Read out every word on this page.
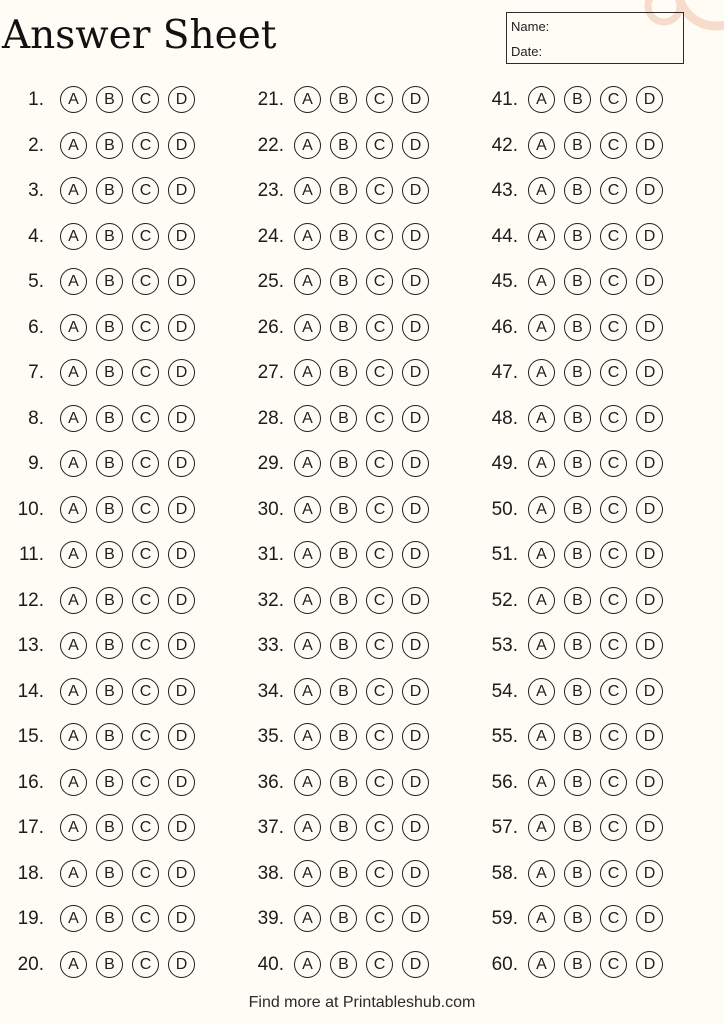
Answer Sheet	Name:
Date:
1.	A	B	C	D
2.	A	B	C	D
3.	A	B	C	D
4.	A	B	C	D
5.	A	B	C	D
6.	A	B	C	D
7.	A	B	C	D
8.	A	B	C	D
9.	A	B	C	D
10.	A	B	C	D
11.	A	B	C	D
12.	A	B	C	D
13.	A	B	C	D
14.	A	B	C	D
15.	A	B	C	D
16.	A	B	C	D
17.	A	B	C	D
18.	A	B	C	D
19.	A	B	C	D
20.	A	B	C	D
21.	A	B	C	D
22.	A	B	C	D
23.	A	B	C	D
24.	A	B	C	D
25.	A	B	C	D
26.	A	B	C	D
27.	A	B	C	D
28.	A	B	C	D
29.	A	B	C	D
30.	A	B	C	D
31.	A	B	C	D
32.	A	B	C	D
33.	A	B	C	D
34.	A	B	C	D
35.	A	B	C	D
36.	A	B	C	D
37.	A	B	C	D
38.	A	B	C	D
39.	A	B	C	D
40.	A	B	C	D
41.	A	B	C	D
42.	A	B	C	D
43.	A	B	C	D
44.	A	B	C	D
45.	A	B	C	D
46.	A	B	C	D
47.	A	B	C	D
48.	A	B	C	D
49.	A	B	C	D
50.	A	B	C	D
51.	A	B	C	D
52.	A	B	C	D
53.	A	B	C	D
54.	A	B	C	D
55.	A	B	C	D
56.	A	B	C	D
57.	A	B	C	D
58.	A	B	C	D
59.	A	B	C	D
60.	A	B	C	D
Find more at Printableshub.com
